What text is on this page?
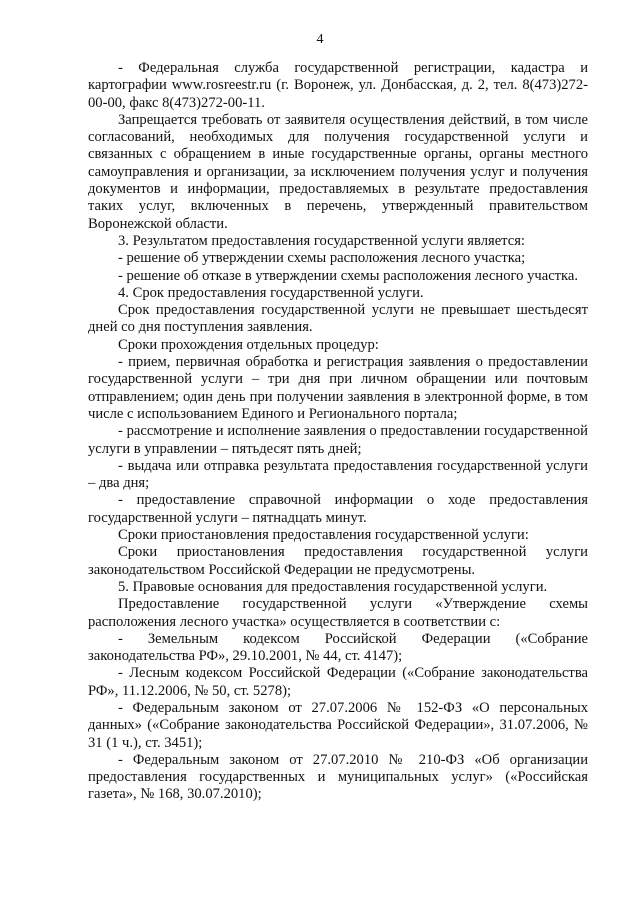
4

- Федеральная служба государственной регистрации, кадастра и картографии www.rosreestr.ru (г. Воронеж, ул. Донбасская, д. 2, тел. 8(473)272-00-00, факс 8(473)272-00-11.

Запрещается требовать от заявителя осуществления действий, в том числе согласований, необходимых для получения государственной услуги и связанных с обращением в иные государственные органы, органы местного самоуправления и организации, за исключением получения услуг и получения документов и информации, предоставляемых в результате предоставления таких услуг, включенных в перечень, утвержденный правительством Воронежской области.

3. Результатом предоставления государственной услуги является:

- решение об утверждении схемы расположения лесного участка;

- решение об отказе в утверждении схемы расположения лесного участка.

4. Срок предоставления государственной услуги.

Срок предоставления государственной услуги не превышает шестьдесят дней со дня поступления заявления.

Сроки прохождения отдельных процедур:

- прием, первичная обработка и регистрация заявления о предоставлении государственной услуги – три дня при личном обращении или почтовым отправлением; один день при получении заявления в электронной форме, в том числе с использованием Единого и Регионального портала;

- рассмотрение и исполнение заявления о предоставлении государственной услуги в управлении – пятьдесят пять дней;

- выдача или отправка результата предоставления государственной услуги – два дня;

- предоставление справочной информации о ходе предоставления государственной услуги – пятнадцать минут.

Сроки приостановления предоставления государственной услуги:

Сроки приостановления предоставления государственной услуги законодательством Российской Федерации не предусмотрены.

5. Правовые основания для предоставления государственной услуги.

Предоставление государственной услуги «Утверждение схемы расположения лесного участка» осуществляется в соответствии с:

- Земельным кодексом Российской Федерации («Собрание законодательства РФ», 29.10.2001, № 44, ст. 4147);

- Лесным кодексом Российской Федерации («Собрание законодательства РФ», 11.12.2006, № 50, ст. 5278);

- Федеральным законом от 27.07.2006 № 152-ФЗ «О персональных данных» («Собрание законодательства Российской Федерации», 31.07.2006, № 31 (1 ч.), ст. 3451);

- Федеральным законом от 27.07.2010 № 210-ФЗ «Об организации предоставления государственных и муниципальных услуг» («Российская газета», № 168, 30.07.2010);
